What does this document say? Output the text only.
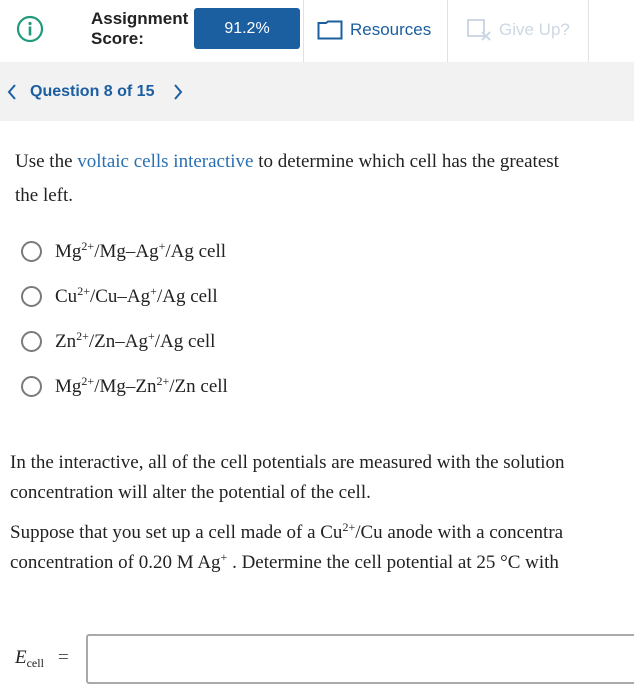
Assignment
Score:
91.2%	Resources	Give Up?
Question 8 of 15
Use the voltaic cells interactive to determine which cell has the greatest
the left.
$Mg^{2+}/Mg-Ag^+/Ag$ cell
$Cu^{2+}/Cu-Ag^+/Ag$ cell
$Zn^{2+}/Zn-Ag^+/Ag$ cell
$Mg^{2+}/Mg-Zn^{2+}/Zn$ cell
In the interactive, all of the cell potentials are measured with the solution
concentration will alter the potential of the cell.
Suppose that you set up a cell made of a $Cu^{2+}/Cu$ anode with a concentra
concentration of 0.20 M Ag+ . Determine the cell potential at 25 °C with
$E_{cell}$ =
